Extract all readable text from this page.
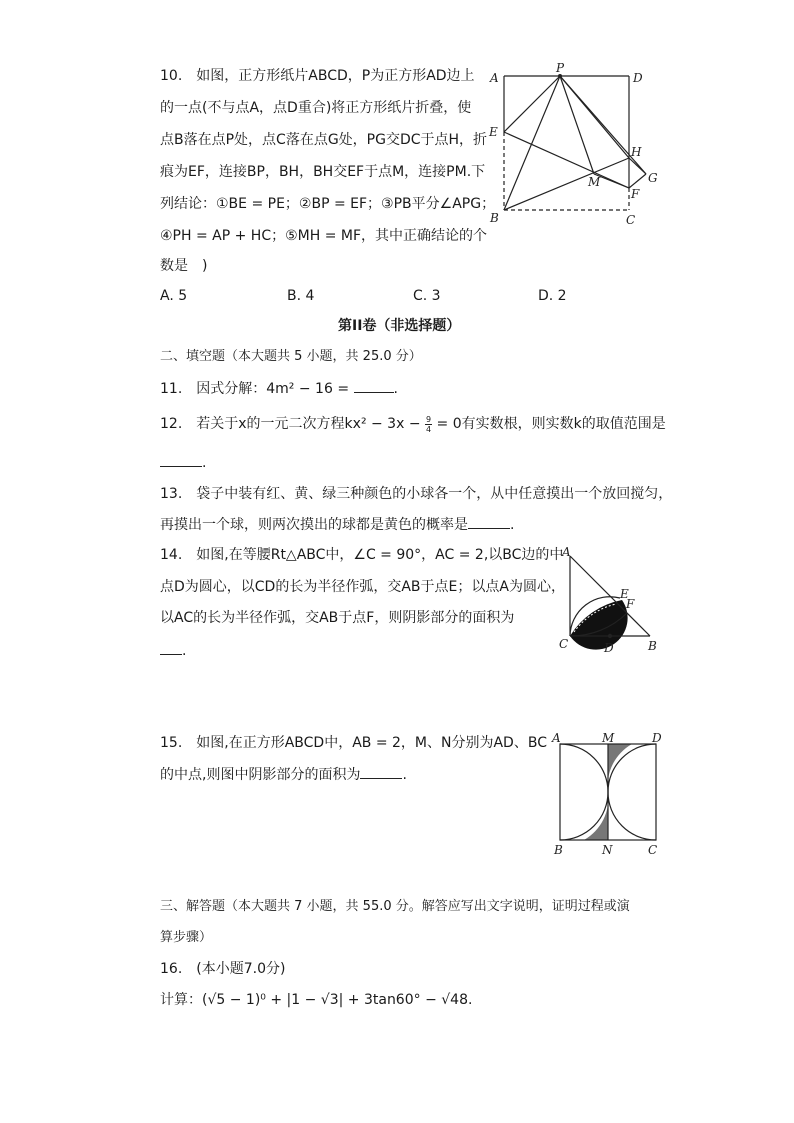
10.　如图，正方形纸片ABCD，P为正方形AD边上
的一点(不与点A，点D重合)将正方形纸片折叠，使
点B落在点P处，点C落在点G处，PG交DC于点H，折
痕为EF，连接BP，BH，BH交EF于点M，连接PM.下
列结论：①BE = PE；②BP = EF；③PB平分∠APG；
④PH = AP + HC；⑤MH = MF，其中正确结论的个
数是　)
A
P
D
E
H
G
M
F
B	C
A. 5	B. 4	C. 3	D. 2
第II卷（非选择题）
二、填空题（本大题共 5 小题，共 25.0 分）
11.　因式分解：4m² − 16 =	.
12.　若关于x的一元二次方程$kx^2 - 3x - \frac{9}{4} = 0$有实数根，则实数k的取值范围是
.
13.　袋子中装有红、黄、绿三种颜色的小球各一个，从中任意摸出一个放回搅匀，
再摸出一个球，则两次摸出的球都是黄色的概率是	.
14.　如图,在等腰Rt△ABC中，∠C = 90°，AC = 2,以BC边的中
点D为圆心，以CD的长为半径作弧，交AB于点E；以点A为圆心，
以AC的长为半径作弧，交AB于点F，则阴影部分的面积为
.
A
E
F
C	D	B
15.　如图,在正方形ABCD中，AB = 2，M、N分别为AD、BC
的中点,则图中阴影部分的面积为	.
A	M	D
B	N	C
三、解答题（本大题共 7 小题，共 55.0 分。解答应写出文字说明，证明过程或演
算步骤）
16.　(本小题7.0分)
计算：(√5 − 1)⁰ + |1 − √3| + 3tan60° − √48.
